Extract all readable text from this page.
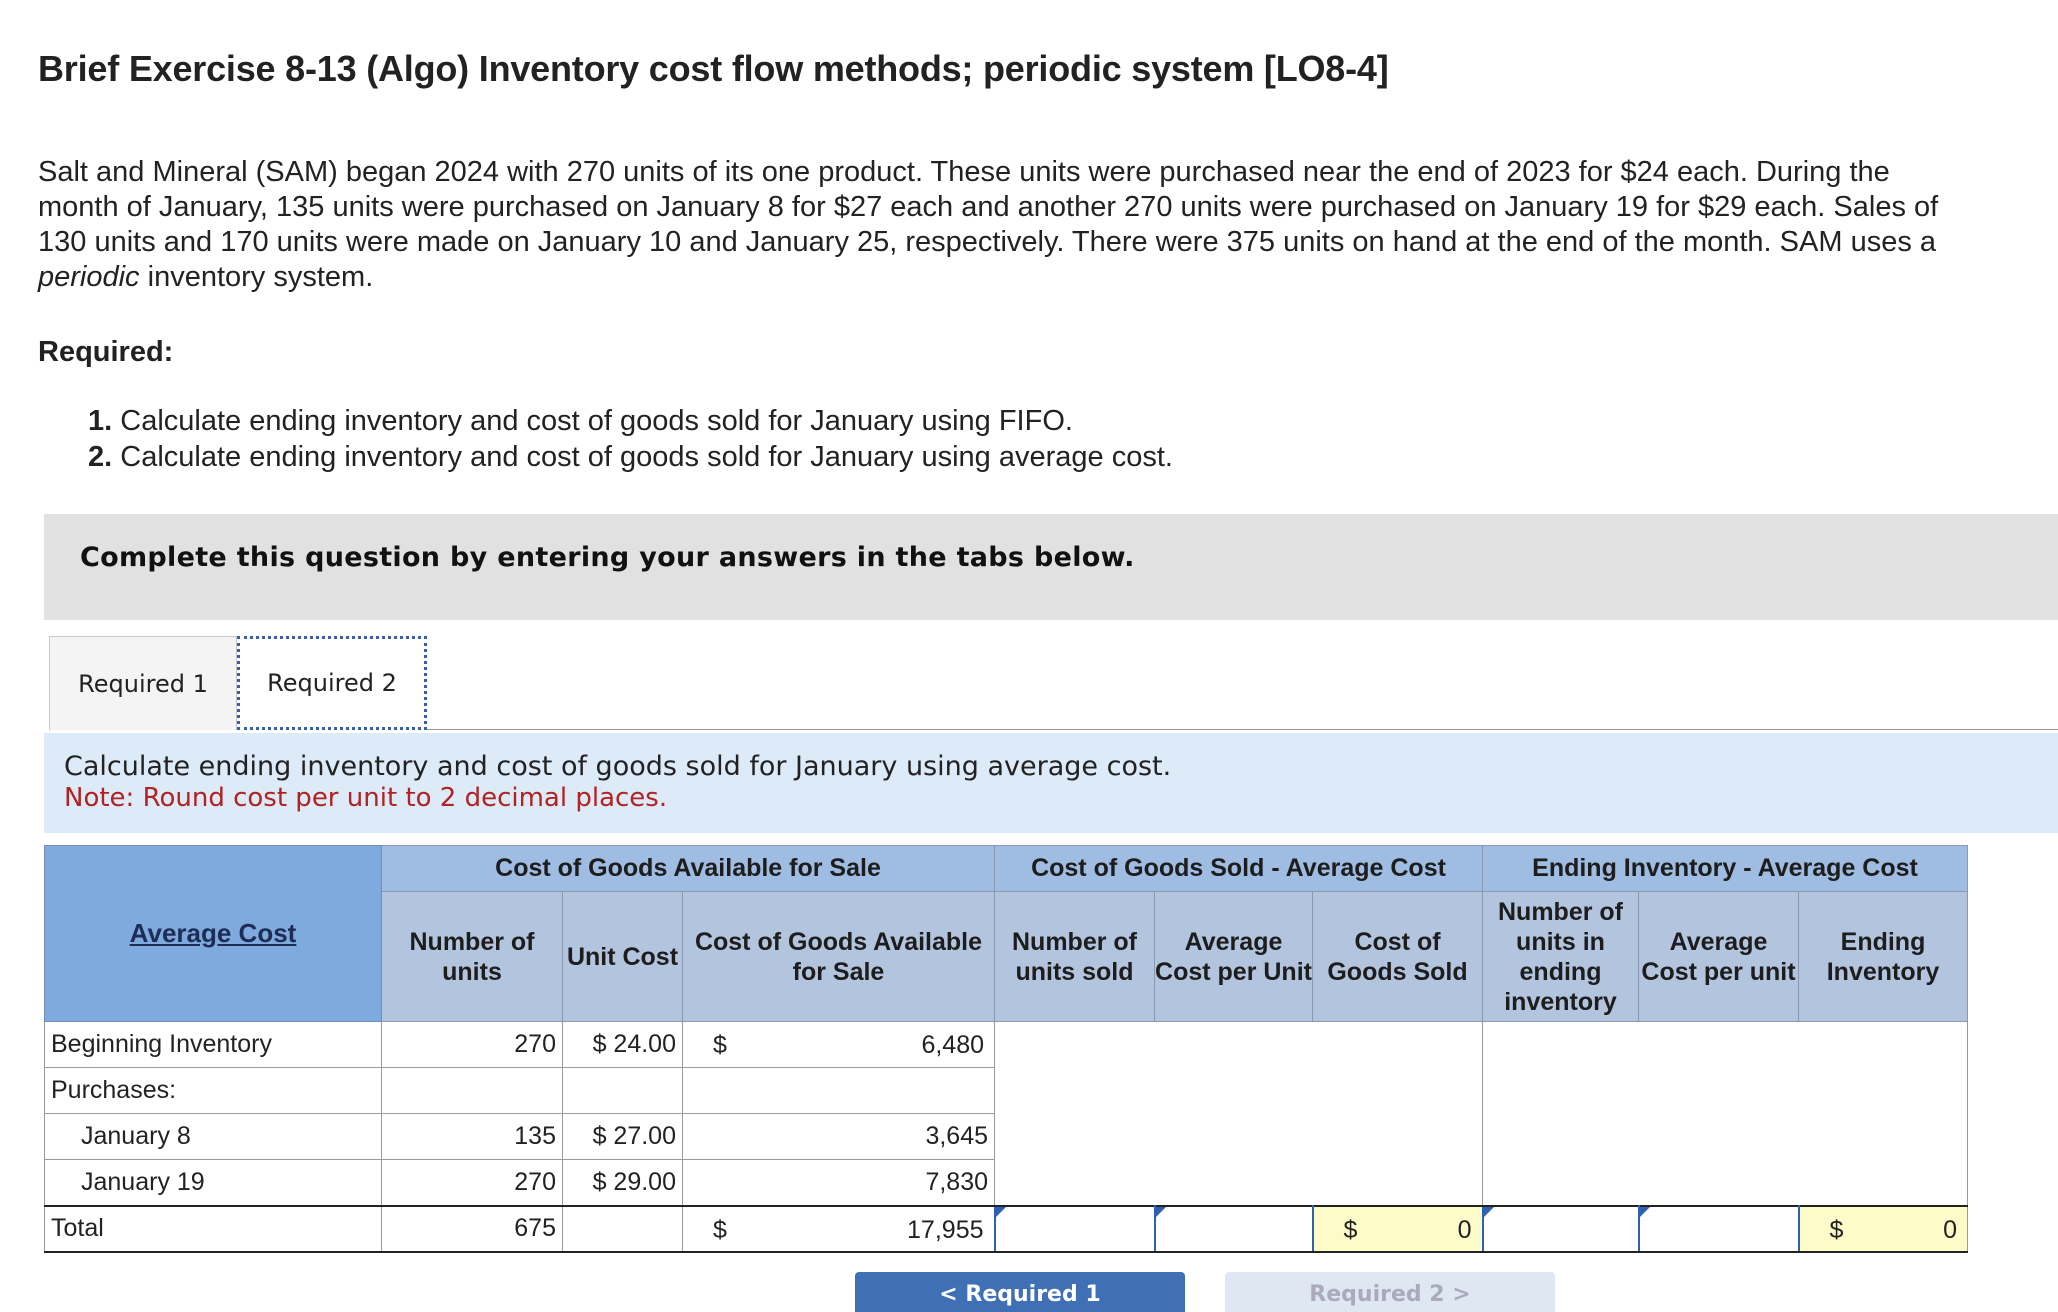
Brief Exercise 8-13 (Algo) Inventory cost flow methods; periodic system [LO8-4]

Salt and Mineral (SAM) began 2024 with 270 units of its one product. These units were purchased near the end of 2023 for $24 each. During the month of January, 135 units were purchased on January 8 for $27 each and another 270 units were purchased on January 19 for $29 each. Sales of 130 units and 170 units were made on January 10 and January 25, respectively. There were 375 units on hand at the end of the month. SAM uses a periodic inventory system.

Required:
1. Calculate ending inventory and cost of goods sold for January using FIFO.
2. Calculate ending inventory and cost of goods sold for January using average cost.
Complete this question by entering your answers in the tabs below.
Required 1	Required 2
Calculate ending inventory and cost of goods sold for January using average cost.
Note: Round cost per unit to 2 decimal places.
Average Cost	Cost of Goods Available for Sale			Cost of Goods Sold - Average Cost			Ending Inventory - Average Cost		
	Number of units	Unit Cost	Cost of Goods Available for Sale	Number of units sold	Average Cost per Unit	Cost of Goods Sold	Number of units in ending inventory	Average Cost per unit	Ending Inventory
Beginning Inventory	270	$ 24.00	$ 6,480						

Purchases:									
January 8	135	$ 27.00	3,645						
January 19	270	$ 29.00	7,830						
Total	675		$ 17,955			$ 0			$ 0
< Required 1	Required 2 >
